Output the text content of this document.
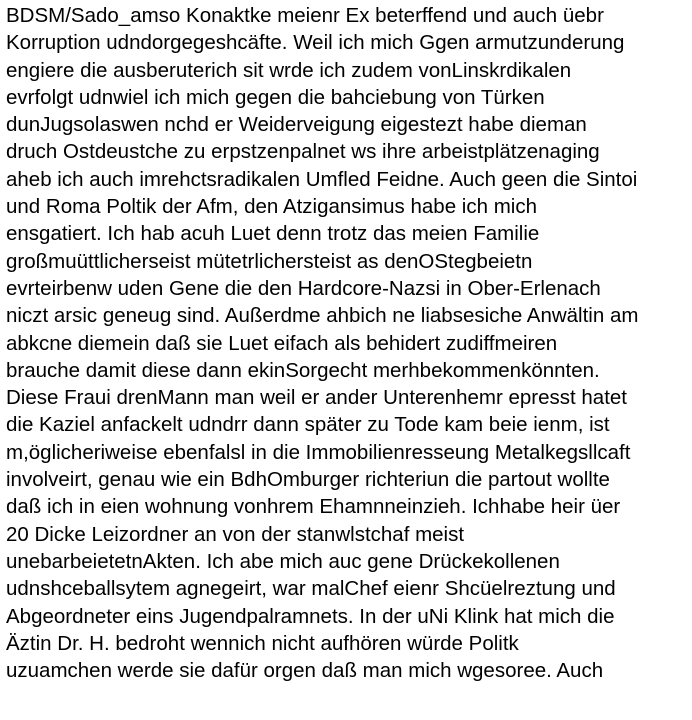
BDSM/Sado_amso Konaktke meienr Ex beterffend und auch üebr
Korruption udndorgegeshcäfte. Weil ich mich Ggen armutzunderung
engiere die ausberuterich sit wrde ich zudem vonLinskrdikalen
evrfolgt udnwiel ich mich gegen die bahciebung von Türken
dunJugsolaswen nchd er Weiderveigung eigestezt habe dieman
druch Ostdeustche zu erpstzenpalnet ws ihre arbeistplätzenaging
aheb ich auch imrehctsradikalen Umfled Feidne. Auch geen die Sintoi
und Roma Poltik der Afm, den Atzigansimus habe ich mich
ensgatiert. Ich hab acuh Luet denn trotz das meien Familie
großmuüttlicherseist mütetrlichersteist as denOStegbeietn
evrteirbenw uden Gene die den Hardcore-Nazsi in Ober-Erlenach
niczt arsic geneug sind. Außerdme ahbich ne liabsesiche Anwältin am
abkcne diemein daß sie Luet eifach als behidert zudiffmeiren
brauche damit diese dann ekinSorgecht merhbekommenkönnten.
Diese Fraui drenMann man weil er ander Unterenhemr epresst hatet
die Kaziel anfackelt udndrr dann später zu Tode kam beie ienm, ist
m,öglicheriweise ebenfalsl in die Immobilienresseung Metalkegsllcaft
involveirt, genau wie ein BdhOmburger richteriun die partout wollte
daß ich in eien wohnung vonhrem Ehamnneinzieh. Ichhabe heir üer
20 Dicke Leizordner an von der stanwlstchaf meist
unebarbeietetnAkten. Ich abe mich auc gene Drückekollenen
udnshceballsytem agnegeirt, war malChef eienr Shcüelreztung und
Abgeordneter eins Jugendpalramnets. In der uNi Klink hat mich die
Äztin Dr. H. bedroht wennich nicht aufhören würde Politk
uzuamchen werde sie dafür orgen daß man mich wgesoree. Auch
